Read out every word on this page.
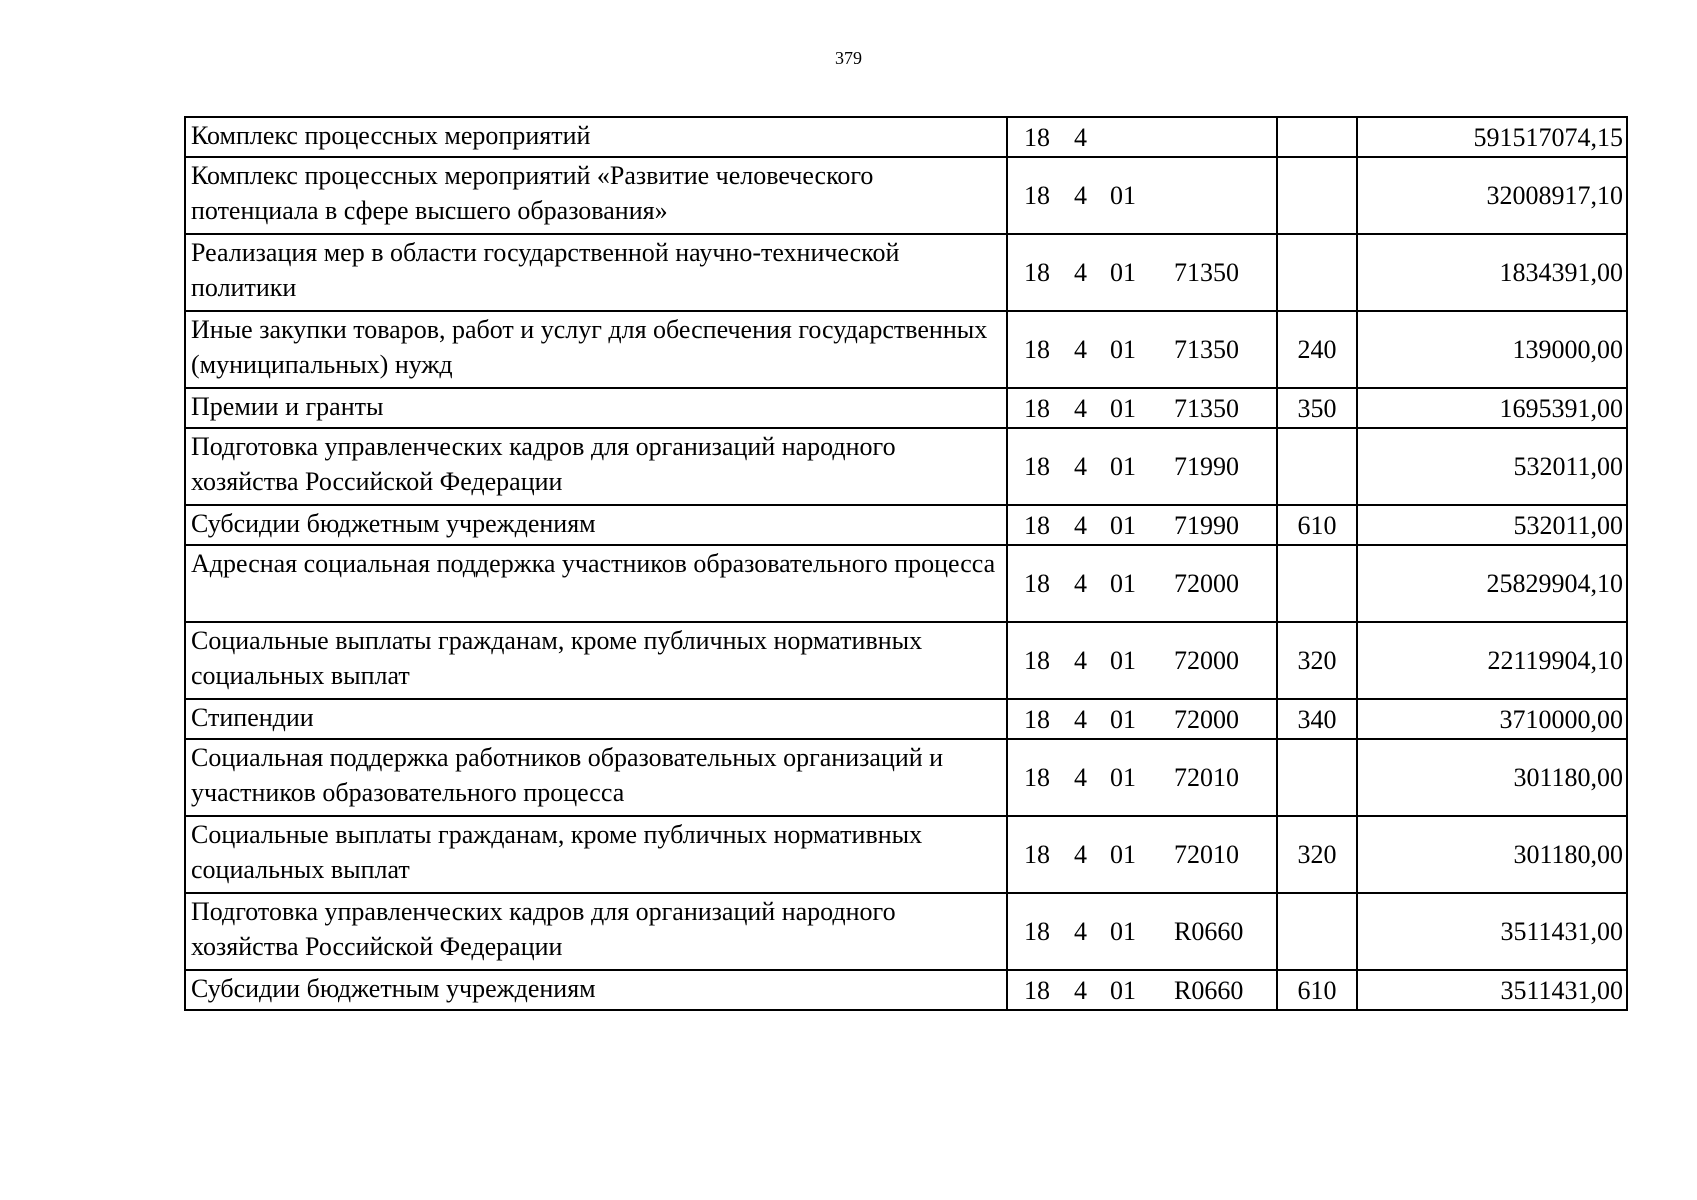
379
Комплекс процессных мероприятий	18 4		591517074,15
Комплекс процессных мероприятий «Развитие человеческого потенциала в сфере высшего образования»	18 4 01		32008917,10
Реализация мер в области государственной научно-технической политики	18 4 01 71350		1834391,00
Иные закупки товаров, работ и услуг для обеспечения государственных (муниципальных) нужд	18 4 01 71350	240	139000,00
Премии и гранты	18 4 01 71350	350	1695391,00
Подготовка управленческих кадров для организаций народного хозяйства Российской Федерации	18 4 01 71990		532011,00
Субсидии бюджетным учреждениям	18 4 01 71990	610	532011,00
Адресная социальная поддержка участников образовательного процесса	18 4 01 72000		25829904,10
Социальные выплаты гражданам, кроме публичных нормативных социальных выплат	18 4 01 72000	320	22119904,10
Стипендии	18 4 01 72000	340	3710000,00
Социальная поддержка работников образовательных организаций и участников образовательного процесса	18 4 01 72010		301180,00
Социальные выплаты гражданам, кроме публичных нормативных социальных выплат	18 4 01 72010	320	301180,00
Подготовка управленческих кадров для организаций народного хозяйства Российской Федерации	18 4 01 R0660		3511431,00
Субсидии бюджетным учреждениям	18 4 01 R0660	610	3511431,00
